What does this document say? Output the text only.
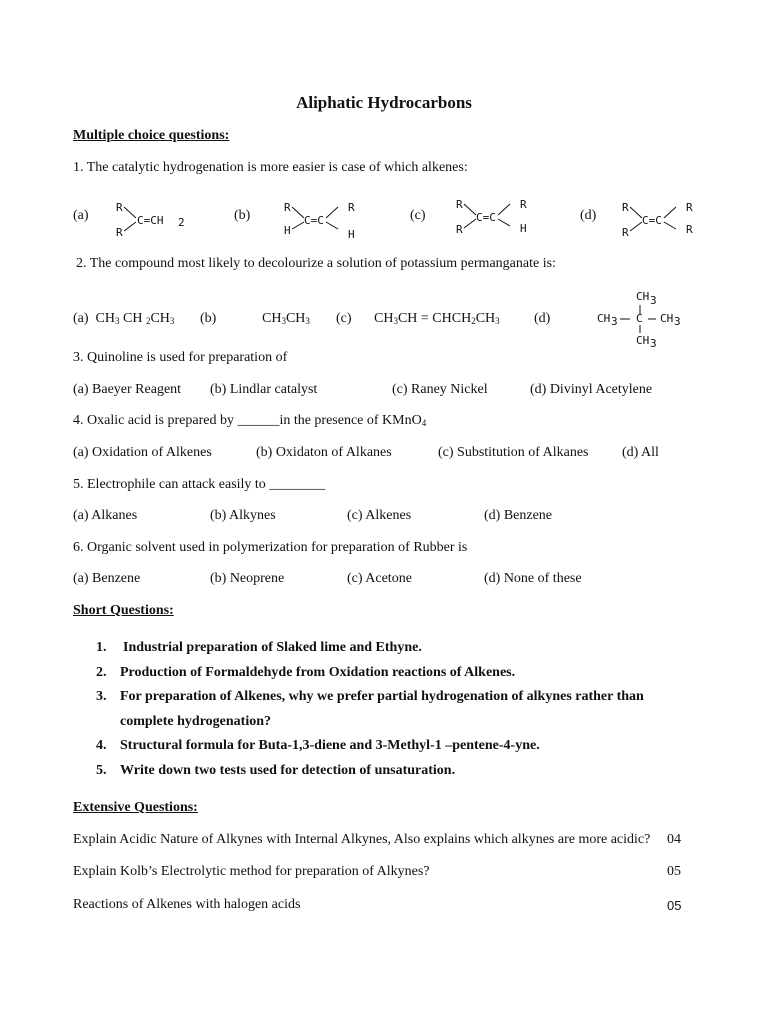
Aliphatic Hydrocarbons
Multiple choice questions:
1. The catalytic hydrogenation is more easier is case of which alkenes:
(a)	(b)	(c)	(d)
R
R
C=CH 2
R
H
C=C
R
H
R
R
C=C
R
H
R
R
C=C
R
R
2. The compound most likely to decolourize a solution of potassium permanganate is:
(a) $CH_3$ CH $_2CH_3$ (b)	$CH_3CH_3$ (c) $CH_3CH$ = $CHCH_2CH_3$ (d)
CH 3
CH 3 C CH 3
CH 3
3. Quinoline is used for preparation of
(a) Baeyer Reagent (b) Lindlar catalyst	(c) Raney Nickel	(d) Divinyl Acetylene
4. Oxalic acid is prepared by ______in the presence of KMnO$_4$
(a) Oxidation of Alkenes	(b) Oxidaton of Alkanes	(c) Substitution of Alkanes (d) All
5. Electrophile can attack easily to ________
(a) Alkanes	(b) Alkynes	(c) Alkenes	(d) Benzene
6. Organic solvent used in polymerization for preparation of Rubber is
(a) Benzene	(b) Neoprene	(c) Acetone	(d) None of these
Short Questions:
1. Industrial preparation of Slaked lime and Ethyne.
2. Production of Formaldehyde from Oxidation reactions of Alkenes.
3. For preparation of Alkenes, why we prefer partial hydrogenation of alkynes rather than
complete hydrogenation?
4. Structural formula for Buta-1,3-diene and 3-Methyl-1 –pentene-4-yne.
5. Write down two tests used for detection of unsaturation.
Extensive Questions:
Explain Acidic Nature of Alkynes with Internal Alkynes, Also explains which alkynes are more acidic? 04
Explain Kolb’s Electrolytic method for preparation of Alkynes?	05
Reactions of Alkenes with halogen acids	05
